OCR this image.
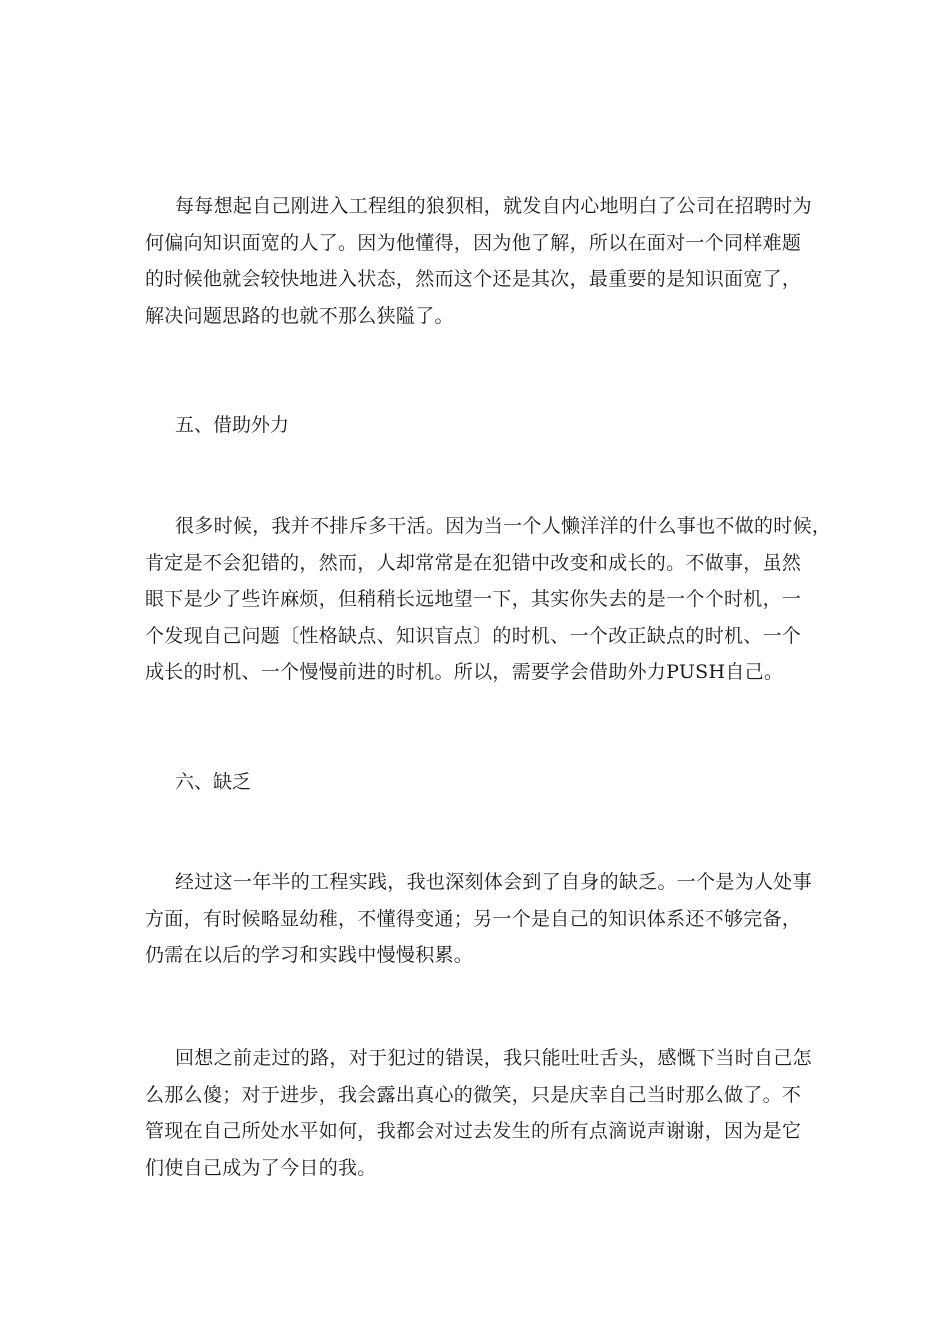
每每想起自己刚进入工程组的狼狈相，就发自内心地明白了公司在招聘时为
何偏向知识面宽的人了。因为他懂得，因为他了解，所以在面对一个同样难题
的时候他就会较快地进入状态，然而这个还是其次，最重要的是知识面宽了，
解决问题思路的也就不那么狭隘了。
五、借助外力
很多时候，我并不排斥多干活。因为当一个人懒洋洋的什么事也不做的时候，
肯定是不会犯错的，然而，人却常常是在犯错中改变和成长的。不做事，虽然
眼下是少了些许麻烦，但稍稍长远地望一下，其实你失去的是一个个时机，一
个发现自己问题〔性格缺点、知识盲点〕的时机、一个改正缺点的时机、一个
成长的时机、一个慢慢前进的时机。所以，需要学会借助外力PUSH自己。
六、缺乏
经过这一年半的工程实践，我也深刻体会到了自身的缺乏。一个是为人处事
方面，有时候略显幼稚，不懂得变通；另一个是自己的知识体系还不够完备，
仍需在以后的学习和实践中慢慢积累。
回想之前走过的路，对于犯过的错误，我只能吐吐舌头，感慨下当时自己怎
么那么傻；对于进步，我会露出真心的微笑，只是庆幸自己当时那么做了。不
管现在自己所处水平如何，我都会对过去发生的所有点滴说声谢谢，因为是它
们使自己成为了今日的我。
